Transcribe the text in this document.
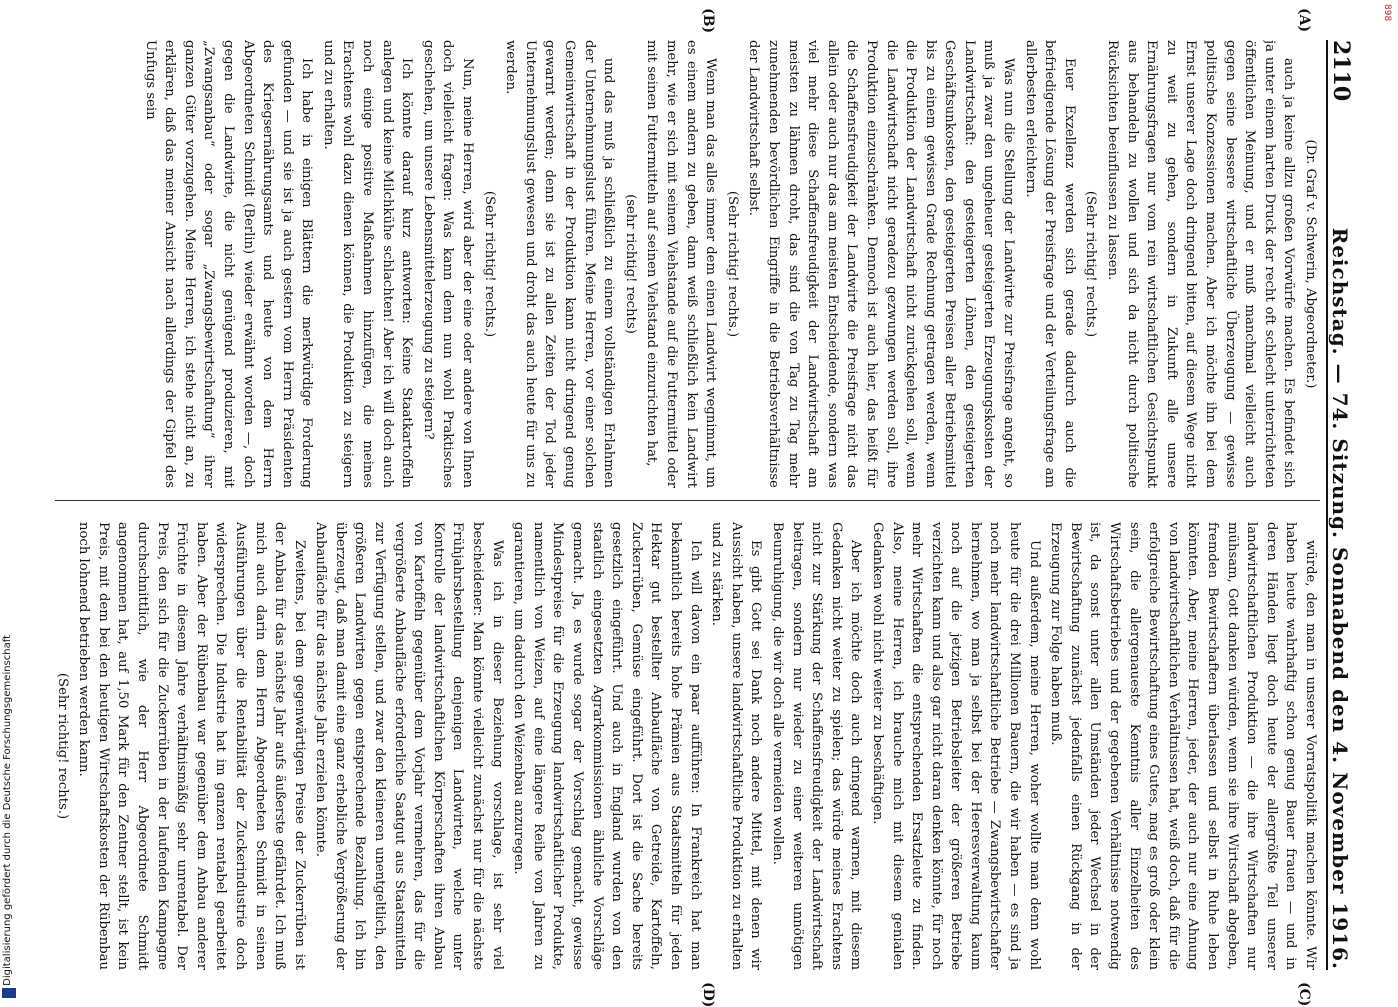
Digitalisierung gefördert durch die Deutsche Forschungsgemeinschaft
898
2110
Reichstag. — 74. Sitzung. Sonnabend den 4. November 1916.
(A)
(B)
(C)
(D)

(Dr. Graf v. Schwerin, Abgeordneter.)

auch ja keine allzu großen Vorwürfe machen. Es befindet sich ja unter einem harten Druck der recht oft schlecht unterrichteten öffentlichen Meinung, und er muß manchmal vielleicht auch gegen seine bessere wirtschaftliche Überzeugung — gewisse politische Konzessionen machen. Aber ich möchte ihn bei dem Ernst unserer Lage doch dringend bitten, auf diesem Wege nicht zu weit zu gehen, sondern in Zukunft alle unsere Ernährungsfragen nur vom rein wirtschaftlichen Gesichtspunkt aus behandeln zu wollen und sich da nicht durch politische Rücksichten beeinflussen zu lassen.

(Sehr richtig! rechts.)

Euer Exzellenz werden sich gerade dadurch auch die befriedigende Lösung der Preisfrage und der Verteilungsfrage am allerbesten erleichtern.

Was nun die Stellung der Landwirte zur Preisfrage angeht, so muß ja zwar den ungeheuer gesteigerten Erzeugungskosten der Landwirtschaft: den gesteigerten Löhnen, den gesteigerten Geschäftsunkosten, den gesteigerten Preisen aller Betriebsmittel bis zu einem gewissen Grade Rechnung getragen werden, wenn die Produktion der Landwirtschaft nicht zurückgehen soll, wenn die Landwirtschaft nicht geradezu gezwungen werden soll, ihre Produktion einzuschränken. Dennoch ist auch hier, das heißt für die Schaffensfreudigkeit der Landwirte die Preisfrage nicht das allein oder auch nur das am meisten Entscheidende, sondern was viel mehr diese Schaffensfreudigkeit der Landwirtschaft am meisten zu lähmen droht, das sind die von Tag zu Tag mehr zunehmenden bevördlichen Eingriffe in die Betriebsverhältnisse der Landwirtschaft selbst.

(Sehr richtig! rechts.)

Wenn man das alles immer dem einen Landwirt wegnimmt, um es einem andern zu geben, dann weiß schließlich kein Landwirt mehr, wie er sich mit seinem Viehstande auf die Futtermittel oder mit seinen Futtermitteln auf seinen Viehstand einzurichten hat,

(sehr richtig! rechts)

und das muß ja schließlich zu einem vollständigen Erlahmen der Unternehmungslust führen. Meine Herren, vor einer solchen Gemeinwirtschaft in der Produktion kann nicht dringend genug gewarnt werden; denn sie ist zu allen Zeiten der Tod jeder Unternehmungslust gewesen und droht das auch heute für uns zu werden.

(Sehr richtig! rechts.)

Nun, meine Herren, wird aber der eine oder andere von Ihnen doch vielleicht fragen: Was kann denn nun wohl Praktisches geschehen, um unsere Lebensmittelerzeugung zu steigern?

Ich könnte darauf kurz antworten: Keine Staatkartoffeln anlegen und keine Milchkühe schlachten! Aber ich will doch auch noch einige positive Maßnahmen hinzufügen, die meines Erachtens wohl dazu dienen können, die Produktion zu steigern und zu erhalten.

Ich habe in einigen Blättern die merkwürdige Forderung gefunden — und sie ist ja auch gestern vom Herrn Präsidenten des Kriegsernährungsamts und heute von dem Herrn Abgeordneten Schmidt (Berlin) wieder erwähnt worden —, doch gegen die Landwirte, die nicht genügend produzieren, mit „Zwangsanbau“ oder sogar „Zwangsbewirtschaftung“ ihrer ganzen Güter vorzugehen. Meine Herren, ich stehe nicht an, zu erklären, daß das meiner Ansicht nach allerdings der Gipfel des Unfugs sein

würde, den man in unserer Vorratspolitik machen könnte. Wir haben heute wahrhaftig schon genug Bauer frauen — und in deren Händen liegt doch heute der allergrößte Teil unserer landwirtschaftlichen Produktion — die ihre Wirtschaften nur mühsam, Gott danken würden, wenn sie ihre Wirtschaft abgeben, fremden Bewirtschaftern überlassen und selbst in Ruhe leben könnten. Aber, meine Herren, jeder, der auch nur eine Ahnung von landwirtschaftlichen Verhältnissen hat, weiß doch, daß für die erfolgreiche Bewirtschaftung eines Gutes, mag es groß oder klein sein, die allergenaueste Kenntnis aller Einzelheiten des Wirtschaftsbetriebes und der gegebenen Verhältnisse notwendig ist, da sonst unter allen Umständen jeder Wechsel in der Bewirtschaftung zunächst jedenfalls einen Rückgang in der Erzeugung zur Folge haben muß.

Und außerdem, meine Herren, woher wollte man denn wohl heute für die drei Millionen Bauern, die wir haben — es sind ja noch mehr landwirtschaftliche Betriebe — Zwangsbewirtschafter hernehmen, wo man ja selbst bei der Heeresverwaltung kaum noch auf die jetzigen Betriebsleiter der größeren Betriebe verzichten kann und also gar nicht daran denken könnte, für noch mehr Wirtschaften die entsprechenden Ersatzleute zu finden. Also, meine Herren, ich brauche mich mit diesem genialen Gedanken wohl nicht weiter zu beschäftigen.

Aber ich möchte doch auch dringend warnen, mit diesem Gedanken nicht weiter zu spielen; das würde meines Erachtens nicht zur Stärkung der Schaffensfreudigkeit der Landwirtschaft beitragen, sondern nur wieder zu einer weiteren unnötigen Beunruhigung, die wir doch alle vermeiden wollen.

Es gibt Gott sei Dank noch andere Mittel, mit denen wir Aussicht haben, unsere landwirtschaftliche Produktion zu erhalten und zu stärken.

Ich will davon ein paar aufführen: In Frankreich hat man bekanntlich bereits hohe Prämien aus Staatsmitteln für jeden Hektar gut bestellter Anbaufläche von Getreide, Kartoffeln, Zuckerrüben, Gemüse eingeführt. Dort ist die Sache bereits gesetzlich eingeführt. Und auch in England wurden von den staatlich eingesetzten Agrarkommissionen ähnliche Vorschläge gemacht. Ja, es wurde sogar der Vorschlag gemacht, gewisse Mindestpreise für die Erzeugung landwirtschaftlicher Produkte, namentlich von Weizen, auf eine längere Reihe von Jahren zu garantieren, um dadurch den Weizenbau anzuregen.

Was ich in dieser Beziehung vorschlage, ist sehr viel bescheidener: Man könnte vielleicht zunächst nur für die nächste Frühjahrsbestellung denjenigen Landwirten, welche unter Kontrolle der landwirtschaftlichen Körperschaften ihren Anbau von Kartoffeln gegenüber dem Vorjahr vermehren, das für die vergrößerte Anbaufläche erforderliche Saatgut aus Staatsmitteln zur Verfügung stellen, und zwar den kleineren unentgeltlich, den größeren Landwirten gegen entsprechende Bezahlung. Ich bin überzeugt, daß man damit eine ganz erhebliche Vergrößerung der Anbaufläche für das nächste Jahr erzielen könnte.

Zweitens, bei dem gegenwärtigen Preise der Zuckerrüben ist der Anbau für das nächste Jahr aufs äußerste gefährdet. Ich muß mich auch darin dem Herrn Abgeordneten Schmidt in seinen Ausführungen über die Rentabilität der Zuckerindustrie doch widersprechen. Die Industrie hat im ganzen rentabel gearbeitet haben. Aber der Rübenbau war gegenüber dem Anbau anderer Früchte in diesem Jahre verhältnismäßig sehr unrentabel. Der Preis, den sich für die Zuckerrüben in der laufenden Kampagne durchschnittlich, wie der Herr Abgeordnete Schmidt angenommen hat, auf 1,50 Mark für den Zentner stellt, ist kein Preis, mit dem bei den heutigen Wirtschaftskosten der Rübenbau noch lohnend betrieben werden kann.

(Sehr richtig! rechts.)
